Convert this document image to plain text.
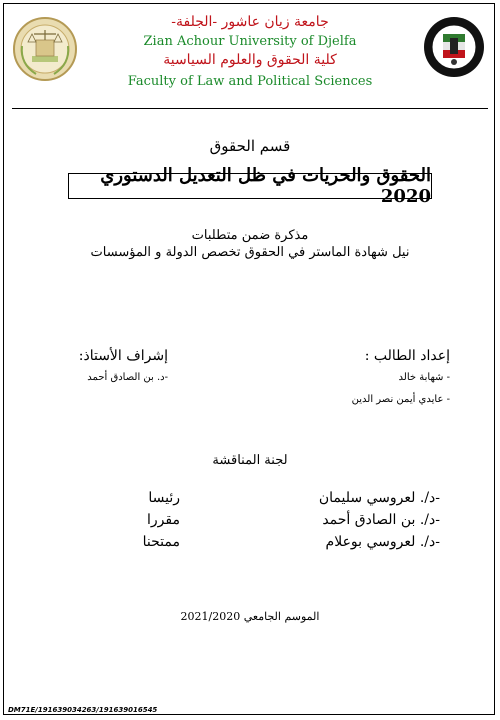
جامعة زيان عاشور -الجلفة-
Zian Achour University of Djelfa
كلية الحقوق والعلوم السياسية
Faculty of Law and Political Sciences
قسم الحقوق
الحقوق والحريات في ظل التعديل الدستوري 2020
مذكرة ضمن متطلبات
نيل شهادة الماستر في الحقوق تخصص الدولة و المؤسسات
إعداد الطالب :
- شهابة خالد
- عايدي أيمن نصر الدين
إشراف الأستاذ:
-د. بن الصادق أحمد
لجنة المناقشة
-د/. لعروسي سليمان
رئيسا
-د/. بن الصادق أحمد
مقررا
-د/. لعروسي بوعلام
ممتحنا
الموسم الجامعي 2021/2020
DM71E/191639034263/191639016545
